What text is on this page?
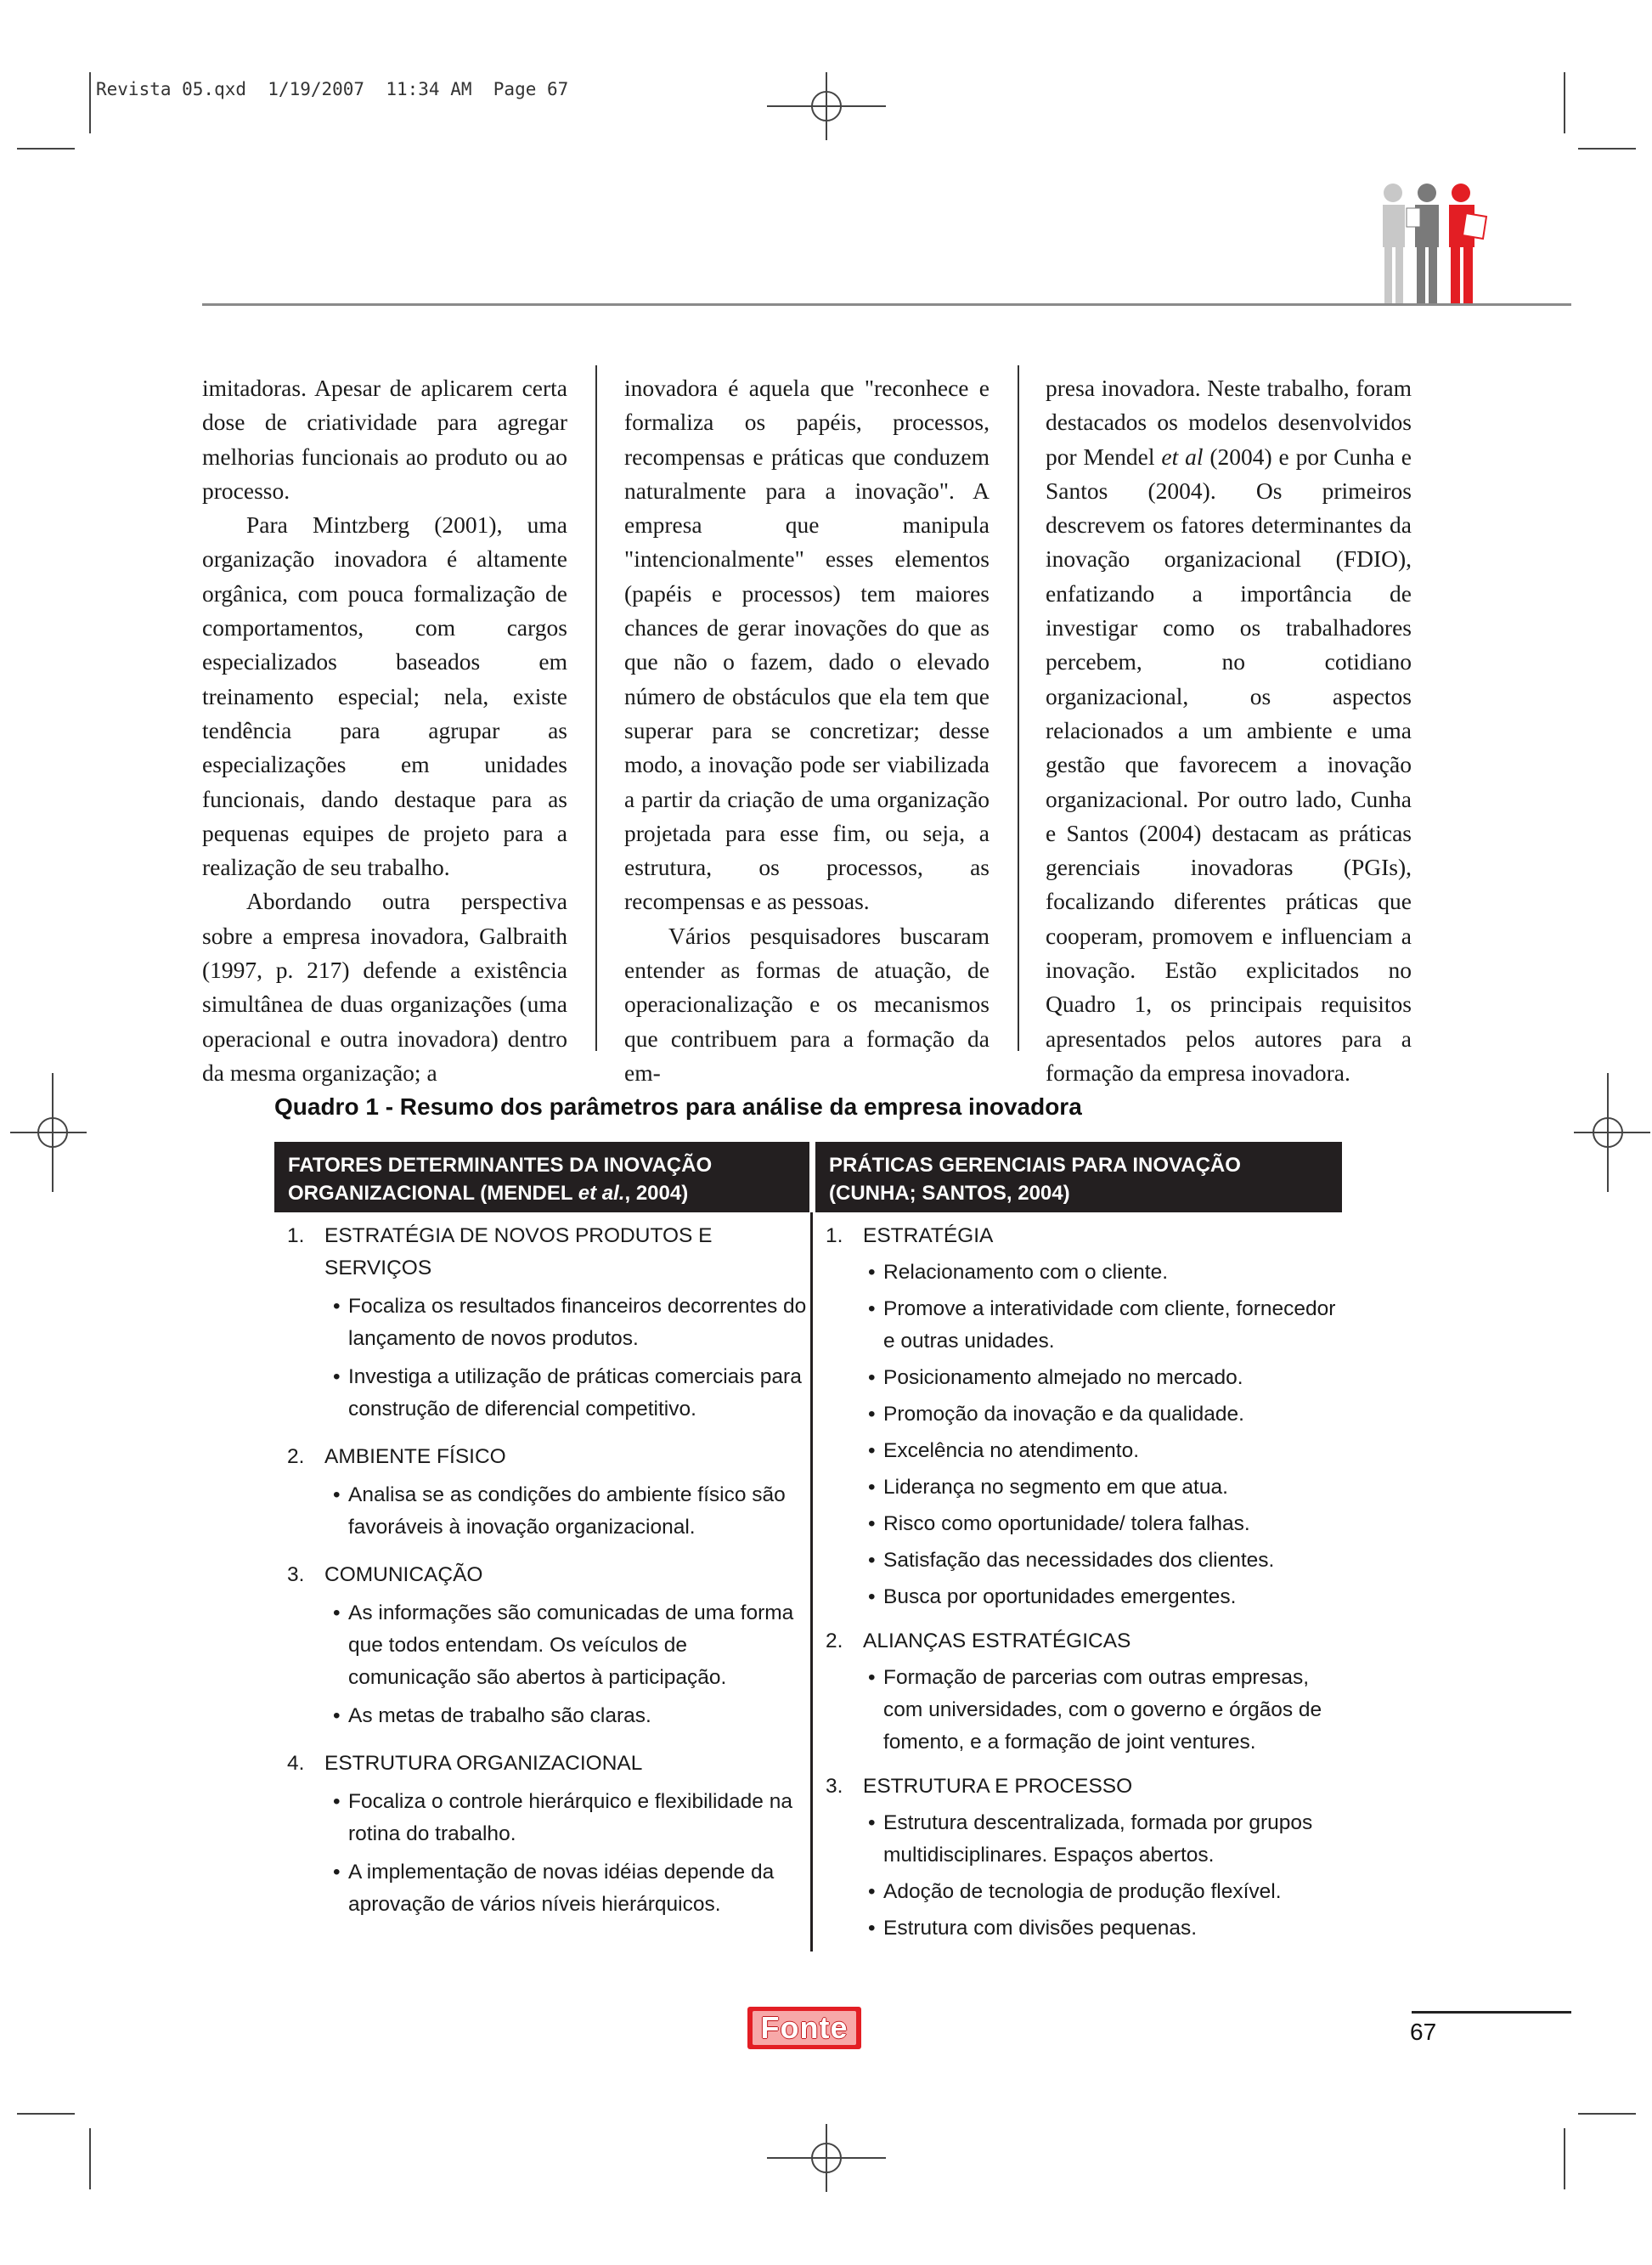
Revista 05.qxd  1/19/2007  11:34 AM  Page 67

imitadoras. Apesar de aplicarem certa dose de criatividade para agregar melhorias funcionais ao produto ou ao processo.

Para Mintzberg (2001), uma organização inovadora é altamente orgânica, com pouca formalização de comportamentos, com cargos especializados baseados em treinamento especial; nela, existe tendência para agrupar as especializações em unidades funcionais, dando destaque para as pequenas equipes de projeto para a realização de seu trabalho.

Abordando outra perspectiva sobre a empresa inovadora, Galbraith (1997, p. 217) defende a existência simultânea de duas organizações (uma operacional e outra inovadora) dentro da mesma organização; a

inovadora é aquela que "reconhece e formaliza os papéis, processos, recompensas e práticas que conduzem naturalmente para a inovação". A empresa que manipula "intencionalmente" esses elementos (papéis e processos) tem maiores chances de gerar inovações do que as que não o fazem, dado o elevado número de obstáculos que ela tem que superar para se concretizar; desse modo, a inovação pode ser viabilizada a partir da criação de uma organização projetada para esse fim, ou seja, a estrutura, os processos, as recompensas e as pessoas.

Vários pesquisadores buscaram entender as formas de atuação, de operacionalização e os mecanismos que contribuem para a formação da em-

presa inovadora. Neste trabalho, foram destacados os modelos desenvolvidos por Mendel et al (2004) e por Cunha e Santos (2004). Os primeiros descrevem os fatores determinantes da inovação organizacional (FDIO), enfatizando a importância de investigar como os trabalhadores percebem, no cotidiano organizacional, os aspectos relacionados a um ambiente e uma gestão que favorecem a inovação organizacional. Por outro lado, Cunha e Santos (2004) destacam as práticas gerenciais inovadoras (PGIs), focalizando diferentes práticas que cooperam, promovem e influenciam a inovação. Estão explicitados no Quadro 1, os principais requisitos apresentados pelos autores para a formação da empresa inovadora.

Quadro 1 - Resumo dos parâmetros para análise da empresa inovadora
FATORES DETERMINANTES DA INOVAÇÃO
ORGANIZACIONAL (MENDEL et al., 2004)
PRÁTICAS GERENCIAIS PARA INOVAÇÃO
(CUNHA; SANTOS, 2004)
1. ESTRATÉGIA DE NOVOS PRODUTOS E SERVIÇOS
• Focaliza os resultados financeiros decorrentes do lançamento de novos produtos.
• Investiga a utilização de práticas comerciais para construção de diferencial competitivo.
2. AMBIENTE FÍSICO
• Analisa se as condições do ambiente físico são favoráveis à inovação organizacional.
3. COMUNICAÇÃO
• As informações são comunicadas de uma forma que todos entendam. Os veículos de comunicação são abertos à participação.
• As metas de trabalho são claras.
4. ESTRUTURA ORGANIZACIONAL
• Focaliza o controle hierárquico e flexibilidade na rotina do trabalho.
• A implementação de novas idéias depende da aprovação de vários níveis hierárquicos.
1. ESTRATÉGIA
• Relacionamento com o cliente.
• Promove a interatividade com cliente, fornecedor e outras unidades.
• Posicionamento almejado no mercado.
• Promoção da inovação e da qualidade.
• Excelência no atendimento.
• Liderança no segmento em que atua.
• Risco como oportunidade/ tolera falhas.
• Satisfação das necessidades dos clientes.
• Busca por oportunidades emergentes.
2. ALIANÇAS ESTRATÉGICAS
• Formação de parcerias com outras empresas, com universidades, com o governo e órgãos de fomento, e a formação de joint ventures.
3. ESTRUTURA E PROCESSO
• Estrutura descentralizada, formada por grupos multidisciplinares. Espaços abertos.
• Adoção de tecnologia de produção flexível.
• Estrutura com divisões pequenas.
Fonte	67
